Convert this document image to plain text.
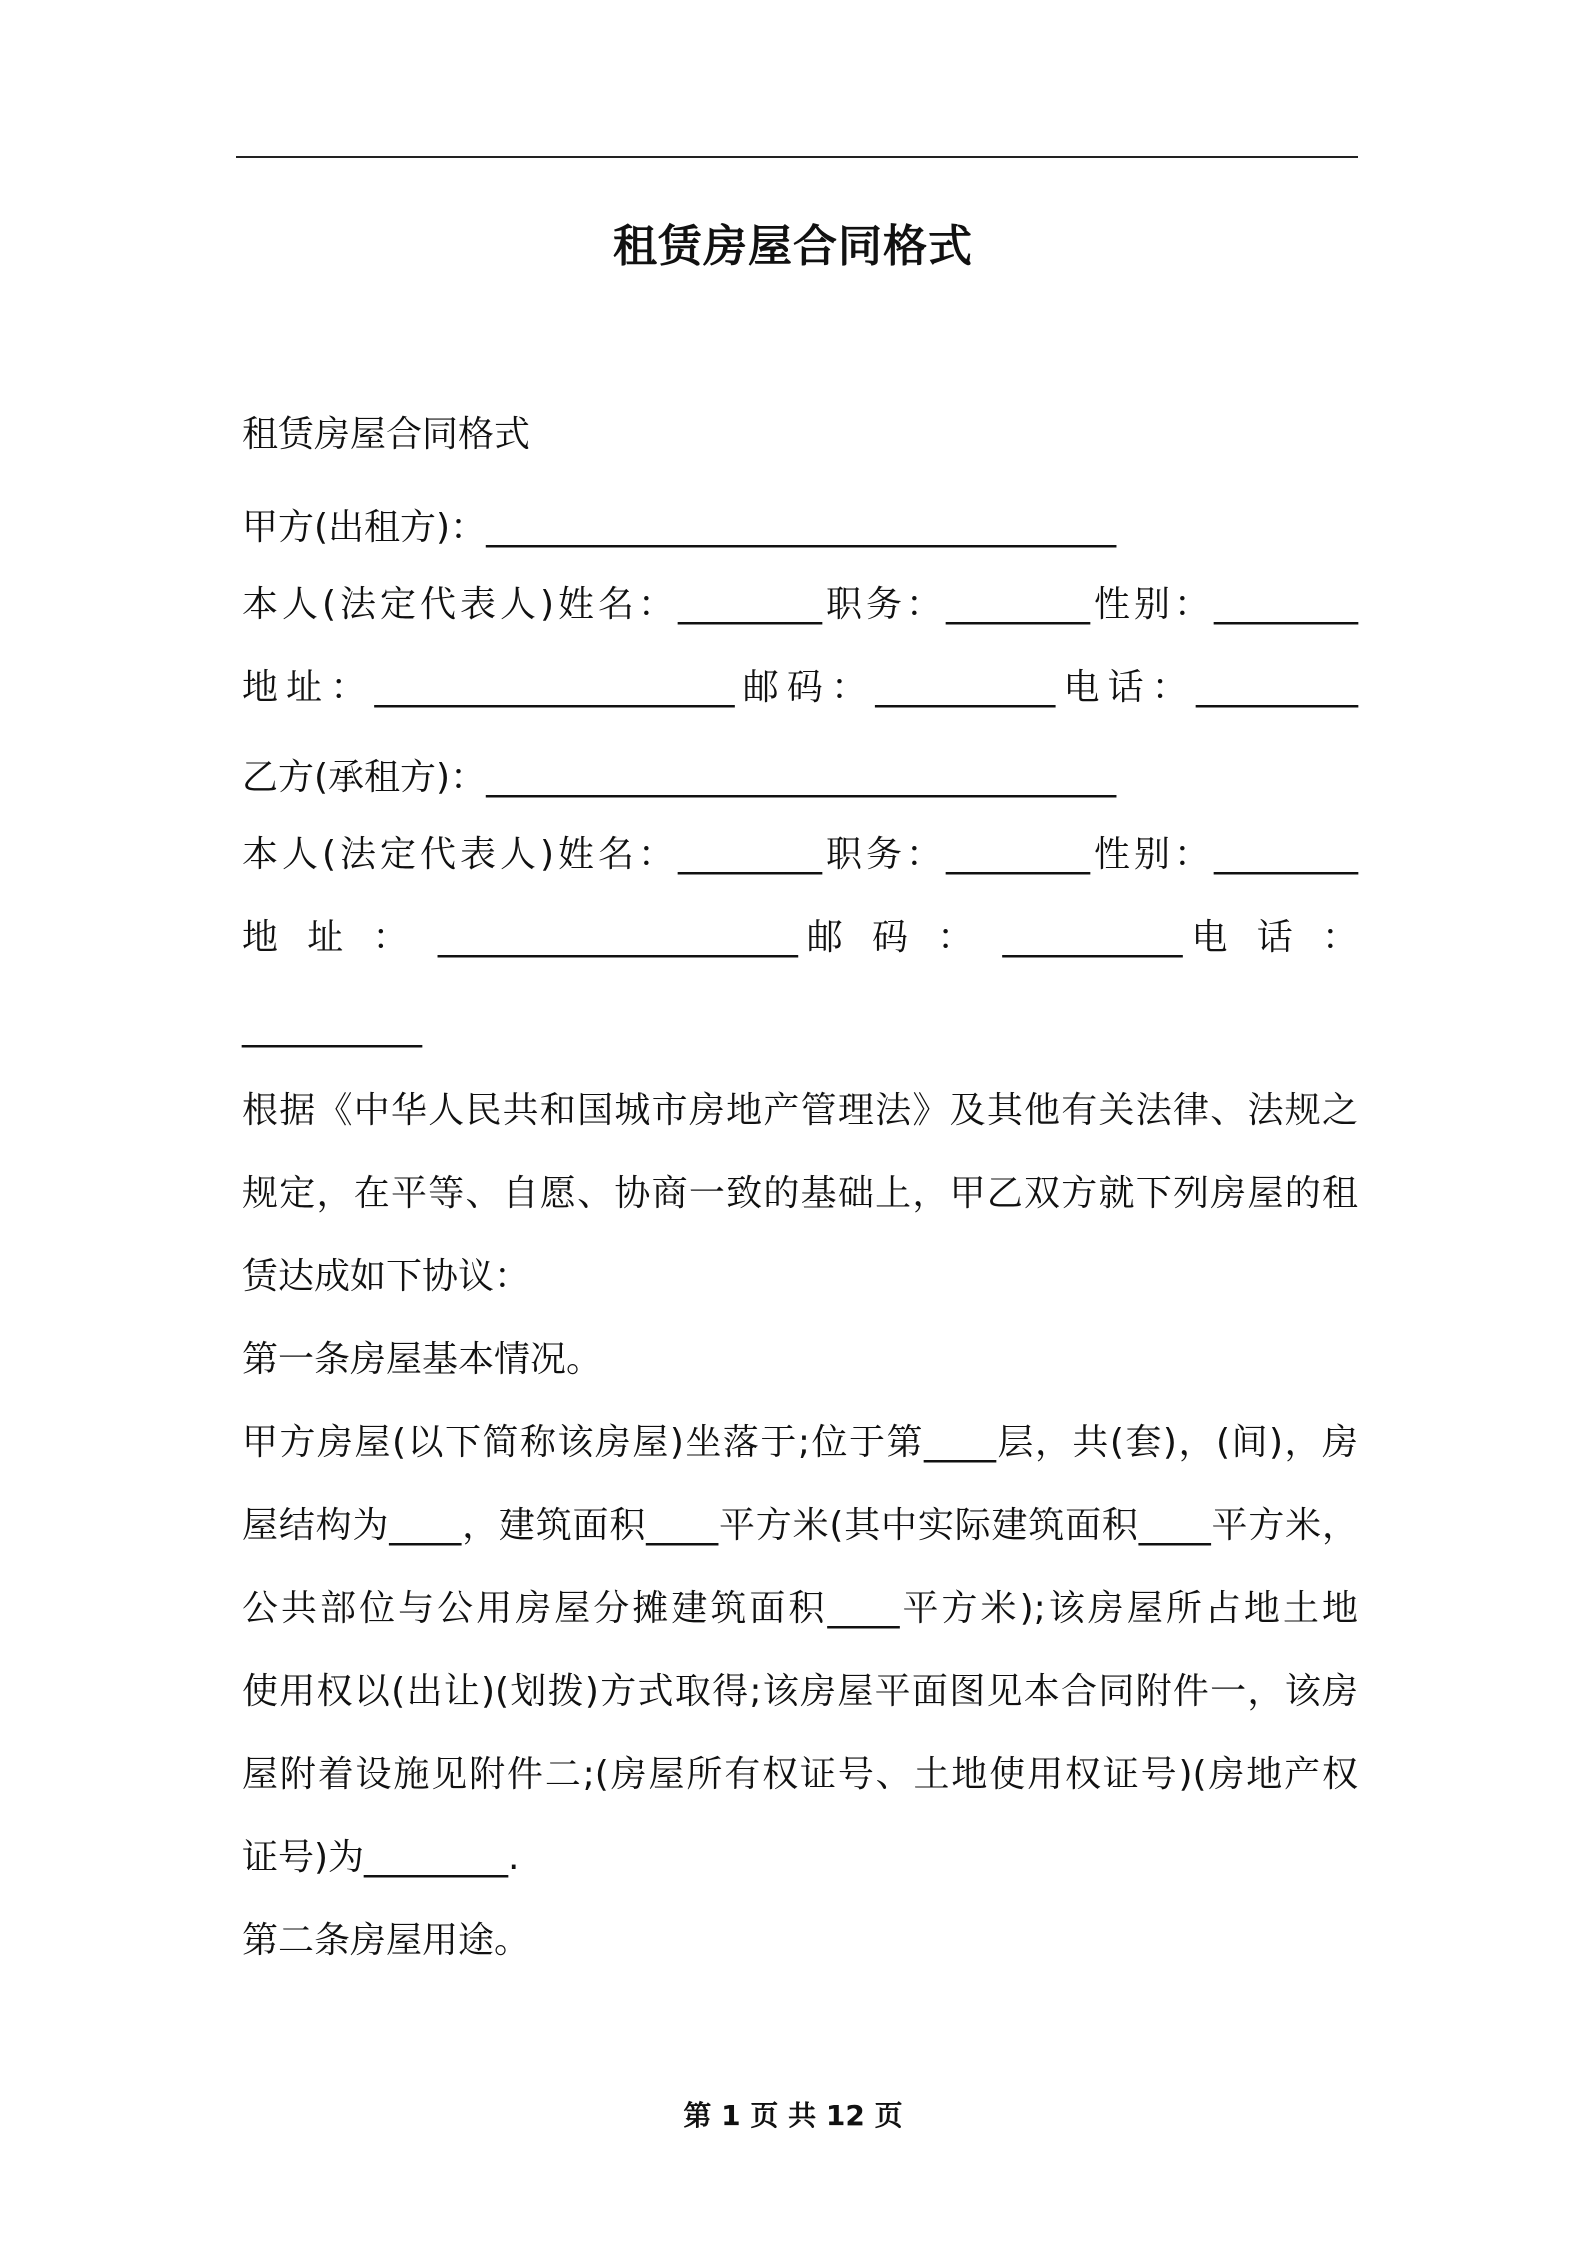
租赁房屋合同格式
租赁房屋合同格式
甲方(出租方)：___________________________________
本人(法定代表人)姓名：________职务：________性别：________
地址：____________________邮码：__________电话：_________
乙方(承租方)：___________________________________
本人(法定代表人)姓名：________职务：________性别：________
地 址 ： ____________________邮 码 ： __________电 话 ：
__________
根据《中华人民共和国城市房地产管理法》及其他有关法律、法规之
规定，在平等、自愿、协商一致的基础上，甲乙双方就下列房屋的租
赁达成如下协议：
第一条房屋基本情况。
甲方房屋(以下简称该房屋)坐落于;位于第____层，共(套)，(间)，房
屋结构为____，建筑面积____平方米(其中实际建筑面积____平方米，
公共部位与公用房屋分摊建筑面积____平方米);该房屋所占地土地
使用权以(出让)(划拨)方式取得;该房屋平面图见本合同附件一，该房
屋附着设施见附件二;(房屋所有权证号、土地使用权证号)(房地产权
证号)为________.
第二条房屋用途。
第 1 页 共 12 页
